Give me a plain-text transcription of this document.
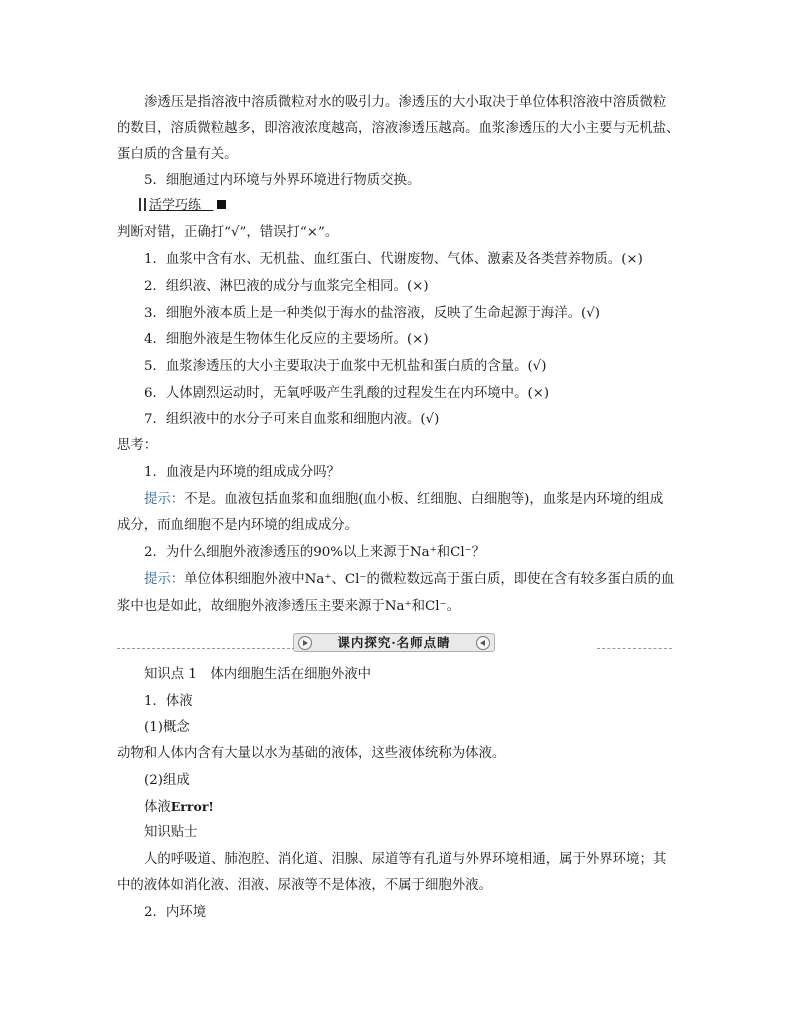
渗透压是指溶液中溶质微粒对水的吸引力。渗透压的大小取决于单位体积溶液中溶质微粒
的数目，溶质微粒越多，即溶液浓度越高，溶液渗透压越高。血浆渗透压的大小主要与无机盐、
蛋白质的含量有关。
5．细胞通过内环境与外界环境进行物质交换。
活学巧练
判断对错，正确打“√”，错误打“×”。
1．血浆中含有水、无机盐、血红蛋白、代谢废物、气体、激素及各类营养物质。(×)
2．组织液、淋巴液的成分与血浆完全相同。(×)
3．细胞外液本质上是一种类似于海水的盐溶液，反映了生命起源于海洋。(√)
4．细胞外液是生物体生化反应的主要场所。(×)
5．血浆渗透压的大小主要取决于血浆中无机盐和蛋白质的含量。(√)
6．人体剧烈运动时，无氧呼吸产生乳酸的过程发生在内环境中。(×)
7．组织液中的水分子可来自血浆和细胞内液。(√)
思考：
1．血液是内环境的组成成分吗？
提示：不是。血液包括血浆和血细胞(血小板、红细胞、白细胞等)，血浆是内环境的组成
成分，而血细胞不是内环境的组成成分。
2．为什么细胞外液渗透压的90%以上来源于Na⁺和Cl⁻？
提示：单位体积细胞外液中Na⁺、Cl⁻的微粒数远高于蛋白质，即使在含有较多蛋白质的血
浆中也是如此，故细胞外液渗透压主要来源于Na⁺和Cl⁻。
课内探究·名师点睛
知识点 1　体内细胞生活在细胞外液中
1．体液
(1)概念
动物和人体内含有大量以水为基础的液体，这些液体统称为体液。
(2)组成
体液Error!
知识贴士
人的呼吸道、肺泡腔、消化道、泪腺、尿道等有孔道与外界环境相通，属于外界环境；其
中的液体如消化液、泪液、尿液等不是体液，不属于细胞外液。
2．内环境
